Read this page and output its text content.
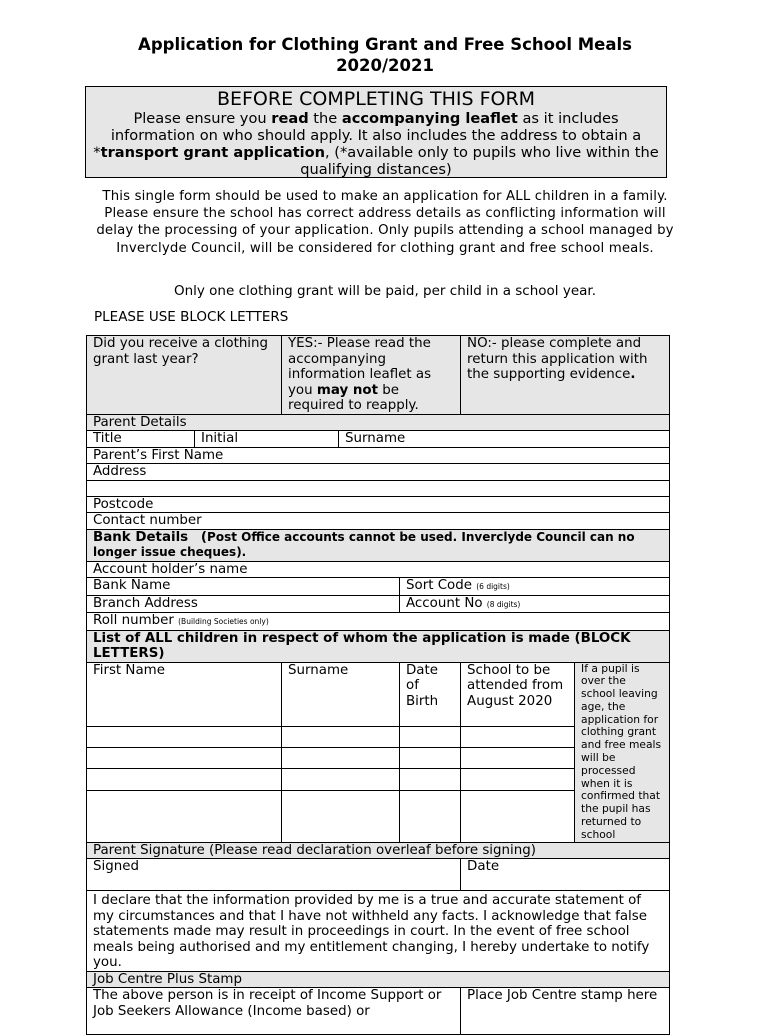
Application for Clothing Grant and Free School Meals
2020/2021
BEFORE COMPLETING THIS FORM
Please ensure you read the accompanying leaflet as it includes information on who should apply. It also includes the address to obtain a *transport grant application, (*available only to pupils who live within the qualifying distances)
This single form should be used to make an application for ALL children in a family. Please ensure the school has correct address details as conflicting information will delay the processing of your application. Only pupils attending a school managed by Inverclyde Council, will be considered for clothing grant and free school meals.
Only one clothing grant will be paid, per child in a school year.
PLEASE USE BLOCK LETTERS
Did you receive a clothing grant last year?		YES:- Please read the accompanying information leaflet as you may not be required to reapply.			NO:- please complete and return this application with the supporting evidence.	
Parent Details						
Title	Initial		Surname			
Parent’s First Name						
Address						

Postcode						
Contact number						
Bank Details (Post Office accounts cannot be used. Inverclyde Council can no longer issue cheques).						
Account holder’s name						
Bank Name				Sort Code (6 digits)		
Branch Address				Account No (8 digits)		
Roll number (Building Societies only)						
List of ALL children in respect of whom the application is made (BLOCK LETTERS)						
First Name		Surname		Date of Birth	School to be attended from August 2020	If a pupil is over the school leaving age, the application for clothing grant and free meals will be processed when it is confirmed that the pupil has returned to school

Parent Signature (Please read declaration overleaf before signing)						
Signed					Date	
I declare that the information provided by me is a true and accurate statement of my circumstances and that I have not withheld any facts. I acknowledge that false statements made may result in proceedings in court. In the event of free school meals being authorised and my entitlement changing, I hereby undertake to notify you.						
Job Centre Plus Stamp						
The above person is in receipt of Income Support or Job Seekers Allowance (Income based) or					Place Job Centre stamp here	
